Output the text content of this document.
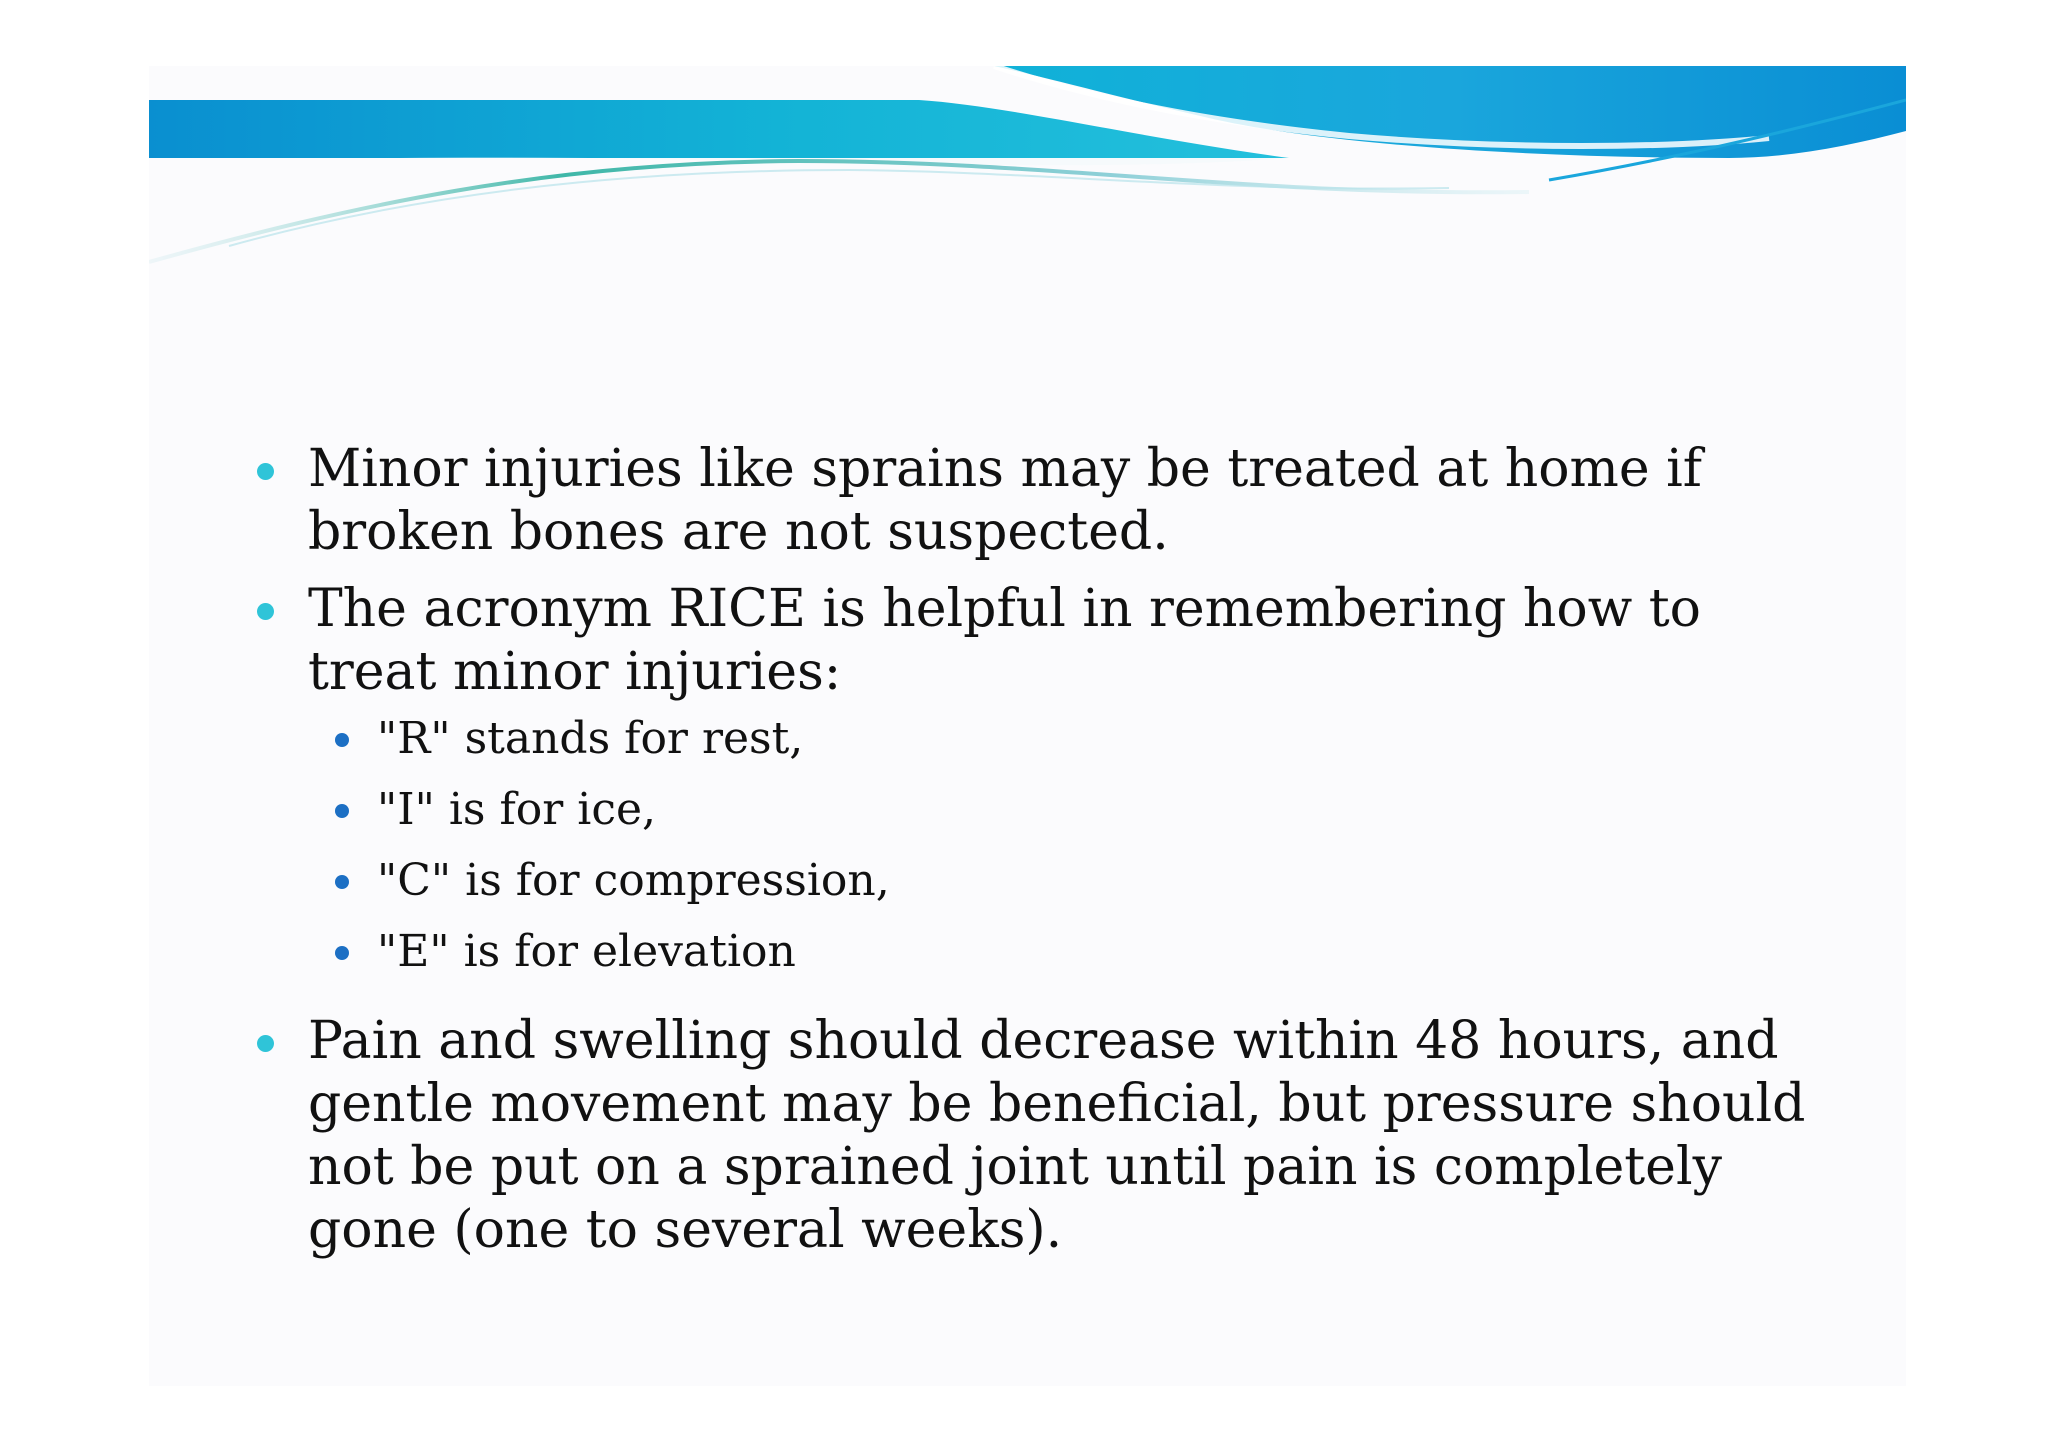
Minor injuries like sprains may be treated at home if broken bones are not suspected.
The acronym RICE is helpful in remembering how to treat minor injuries:
"R" stands for rest,
"I" is for ice,
"C" is for compression,
"E" is for elevation
Pain and swelling should decrease within 48 hours, and gentle movement may be beneficial, but pressure should not be put on a sprained joint until pain is completely gone (one to several weeks).
